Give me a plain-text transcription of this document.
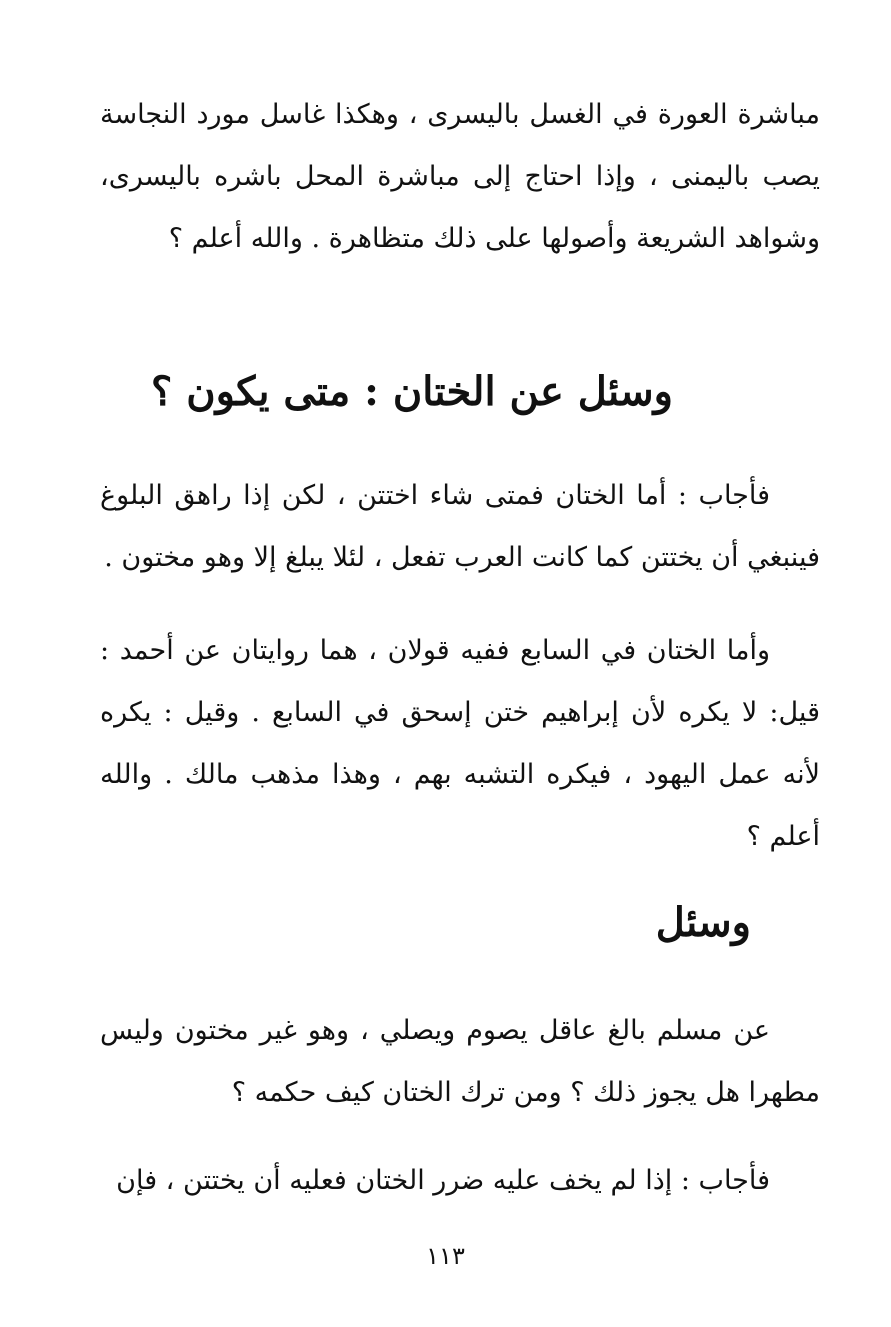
مباشرة العورة في الغسل باليسرى ، وهكذا غاسل مورد النجاسة يصب باليمنى ، وإذا احتاج إلى مباشرة المحل باشره باليسرى، وشواهد الشريعة وأصولها على ذلك متظاهرة . والله أعلم ؟

وسئل عن الختان : متى يكون ؟

فأجاب : أما الختان فمتى شاء اختتن ، لكن إذا راهق البلوغ فينبغي أن يختتن كما كانت العرب تفعل ، لئلا يبلغ إلا وهو مختون .

وأما الختان في السابع ففيه قولان ، هما روايتان عن أحمد : قيل: لا يكره لأن إبراهيم ختن إسحق في السابع . وقيل : يكره لأنه عمل اليهود ، فيكره التشبه بهم ، وهذا مذهب مالك . والله أعلم ؟

وسئل

عن مسلم بالغ عاقل يصوم ويصلي ، وهو غير مختون وليس مطهرا هل يجوز ذلك ؟ ومن ترك الختان كيف حكمه ؟

فأجاب : إذا لم يخف عليه ضرر الختان فعليه أن يختتن ، فإن

١١٣
